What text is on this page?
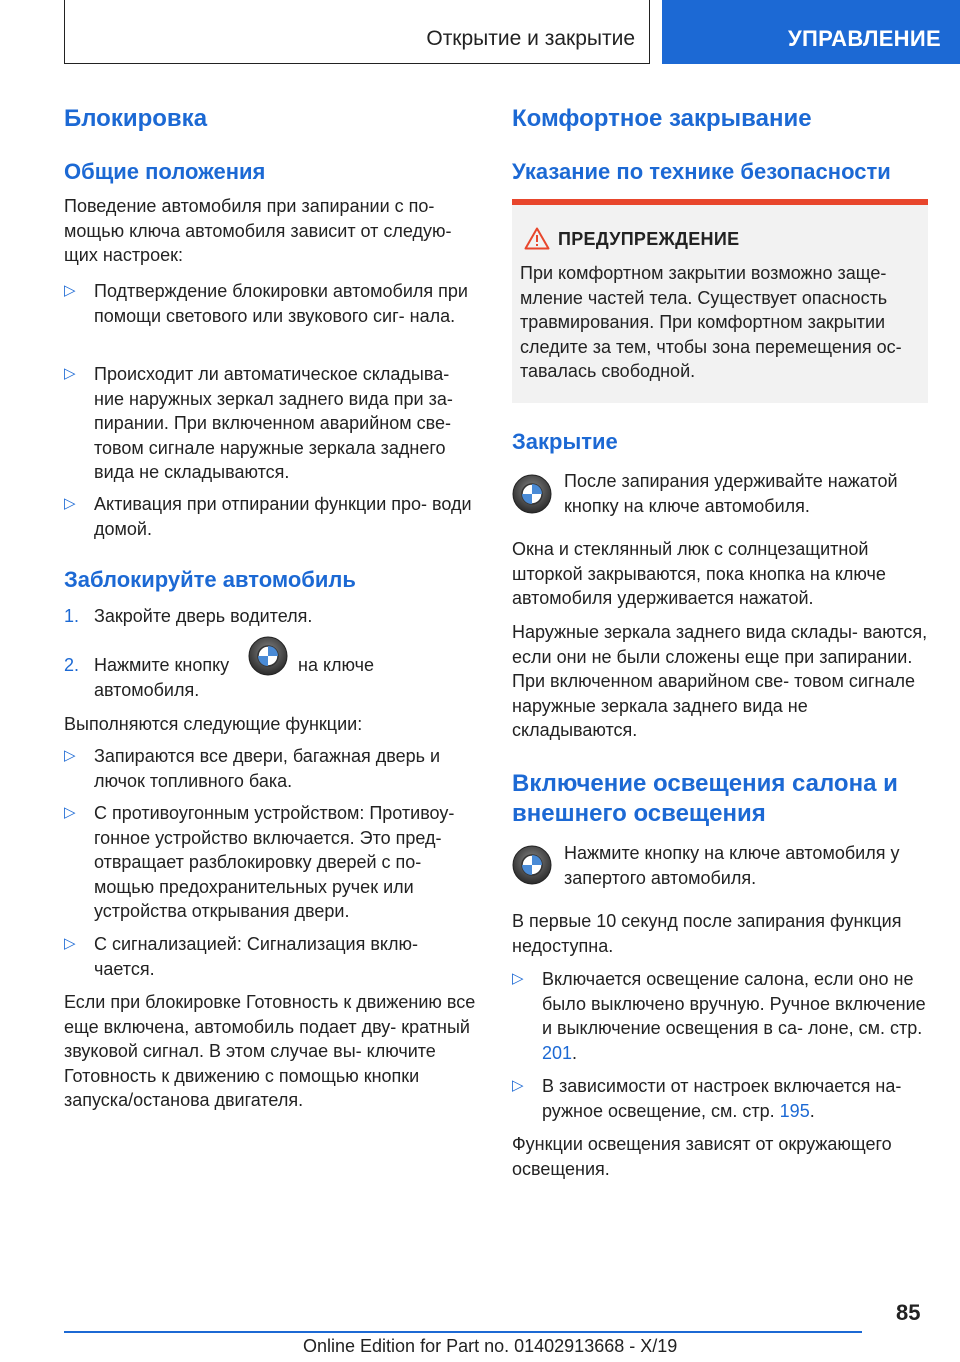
Открытие и закрытие	УПРАВЛЕНИЕ
Блокировка
Общие положения

Поведение автомобиля при запирании с по- мощью ключа автомобиля зависит от следую- щих настроек:

▷ Подтверждение блокировки автомобиля при помощи светового или звукового сиг- нала.
▷ Происходит ли автоматическое складыва- ние наружных зеркал заднего вида при за- пирании. При включенном аварийном све- товом сигнале наружные зеркала заднего вида не складываются.
▷ Активация при отпирании функции про- води домой.
Заблокируйте автомобиль
1. Закройте дверь водителя.
2. Нажмите кнопку	на ключе
автомобиля.

Выполняются следующие функции:

▷ Запираются все двери, багажная дверь и лючок топливного бака.
▷ С противоугонным устройством: Противоу- гонное устройство включается. Это пред- отвращает разблокировку дверей с по- мощью предохранительных ручек или устройства открывания двери.
▷ С сигнализацией: Сигнализация вклю- чается.

Если при блокировке Готовность к движению все еще включена, автомобиль подает дву- кратный звуковой сигнал. В этом случае вы- ключите Готовность к движению с помощью кнопки запуска/останова двигателя.

Комфортное закрывание
Указание по технике безопасности
ПРЕДУПРЕЖДЕНИЕ

При комфортном закрытии возможно заще- мление частей тела. Существует опасность травмирования. При комфортном закрытии следите за тем, чтобы зона перемещения ос- тавалась свободной.

Закрытие

После запирания удерживайте нажатой кнопку на ключе автомобиля.

Окна и стеклянный люк с солнцезащитной шторкой закрываются, пока кнопка на ключе автомобиля удерживается нажатой.

Наружные зеркала заднего вида склады- ваются, если они не были сложены еще при запирании. При включенном аварийном све- товом сигнале наружные зеркала заднего вида не складываются.

Включение освещения салона и
внешнего освещения

Нажмите кнопку на ключе автомобиля у запертого автомобиля.

В первые 10 секунд после запирания функция недоступна.

▷ Включается освещение салона, если оно не было выключено вручную. Ручное включение и выключение освещения в са- лоне, см. стр. 201.
▷ В зависимости от настроек включается на- ружное освещение, см. стр. 195.

Функции освещения зависят от окружающего освещения.

85
Online Edition for Part no. 01402913668 - X/19
